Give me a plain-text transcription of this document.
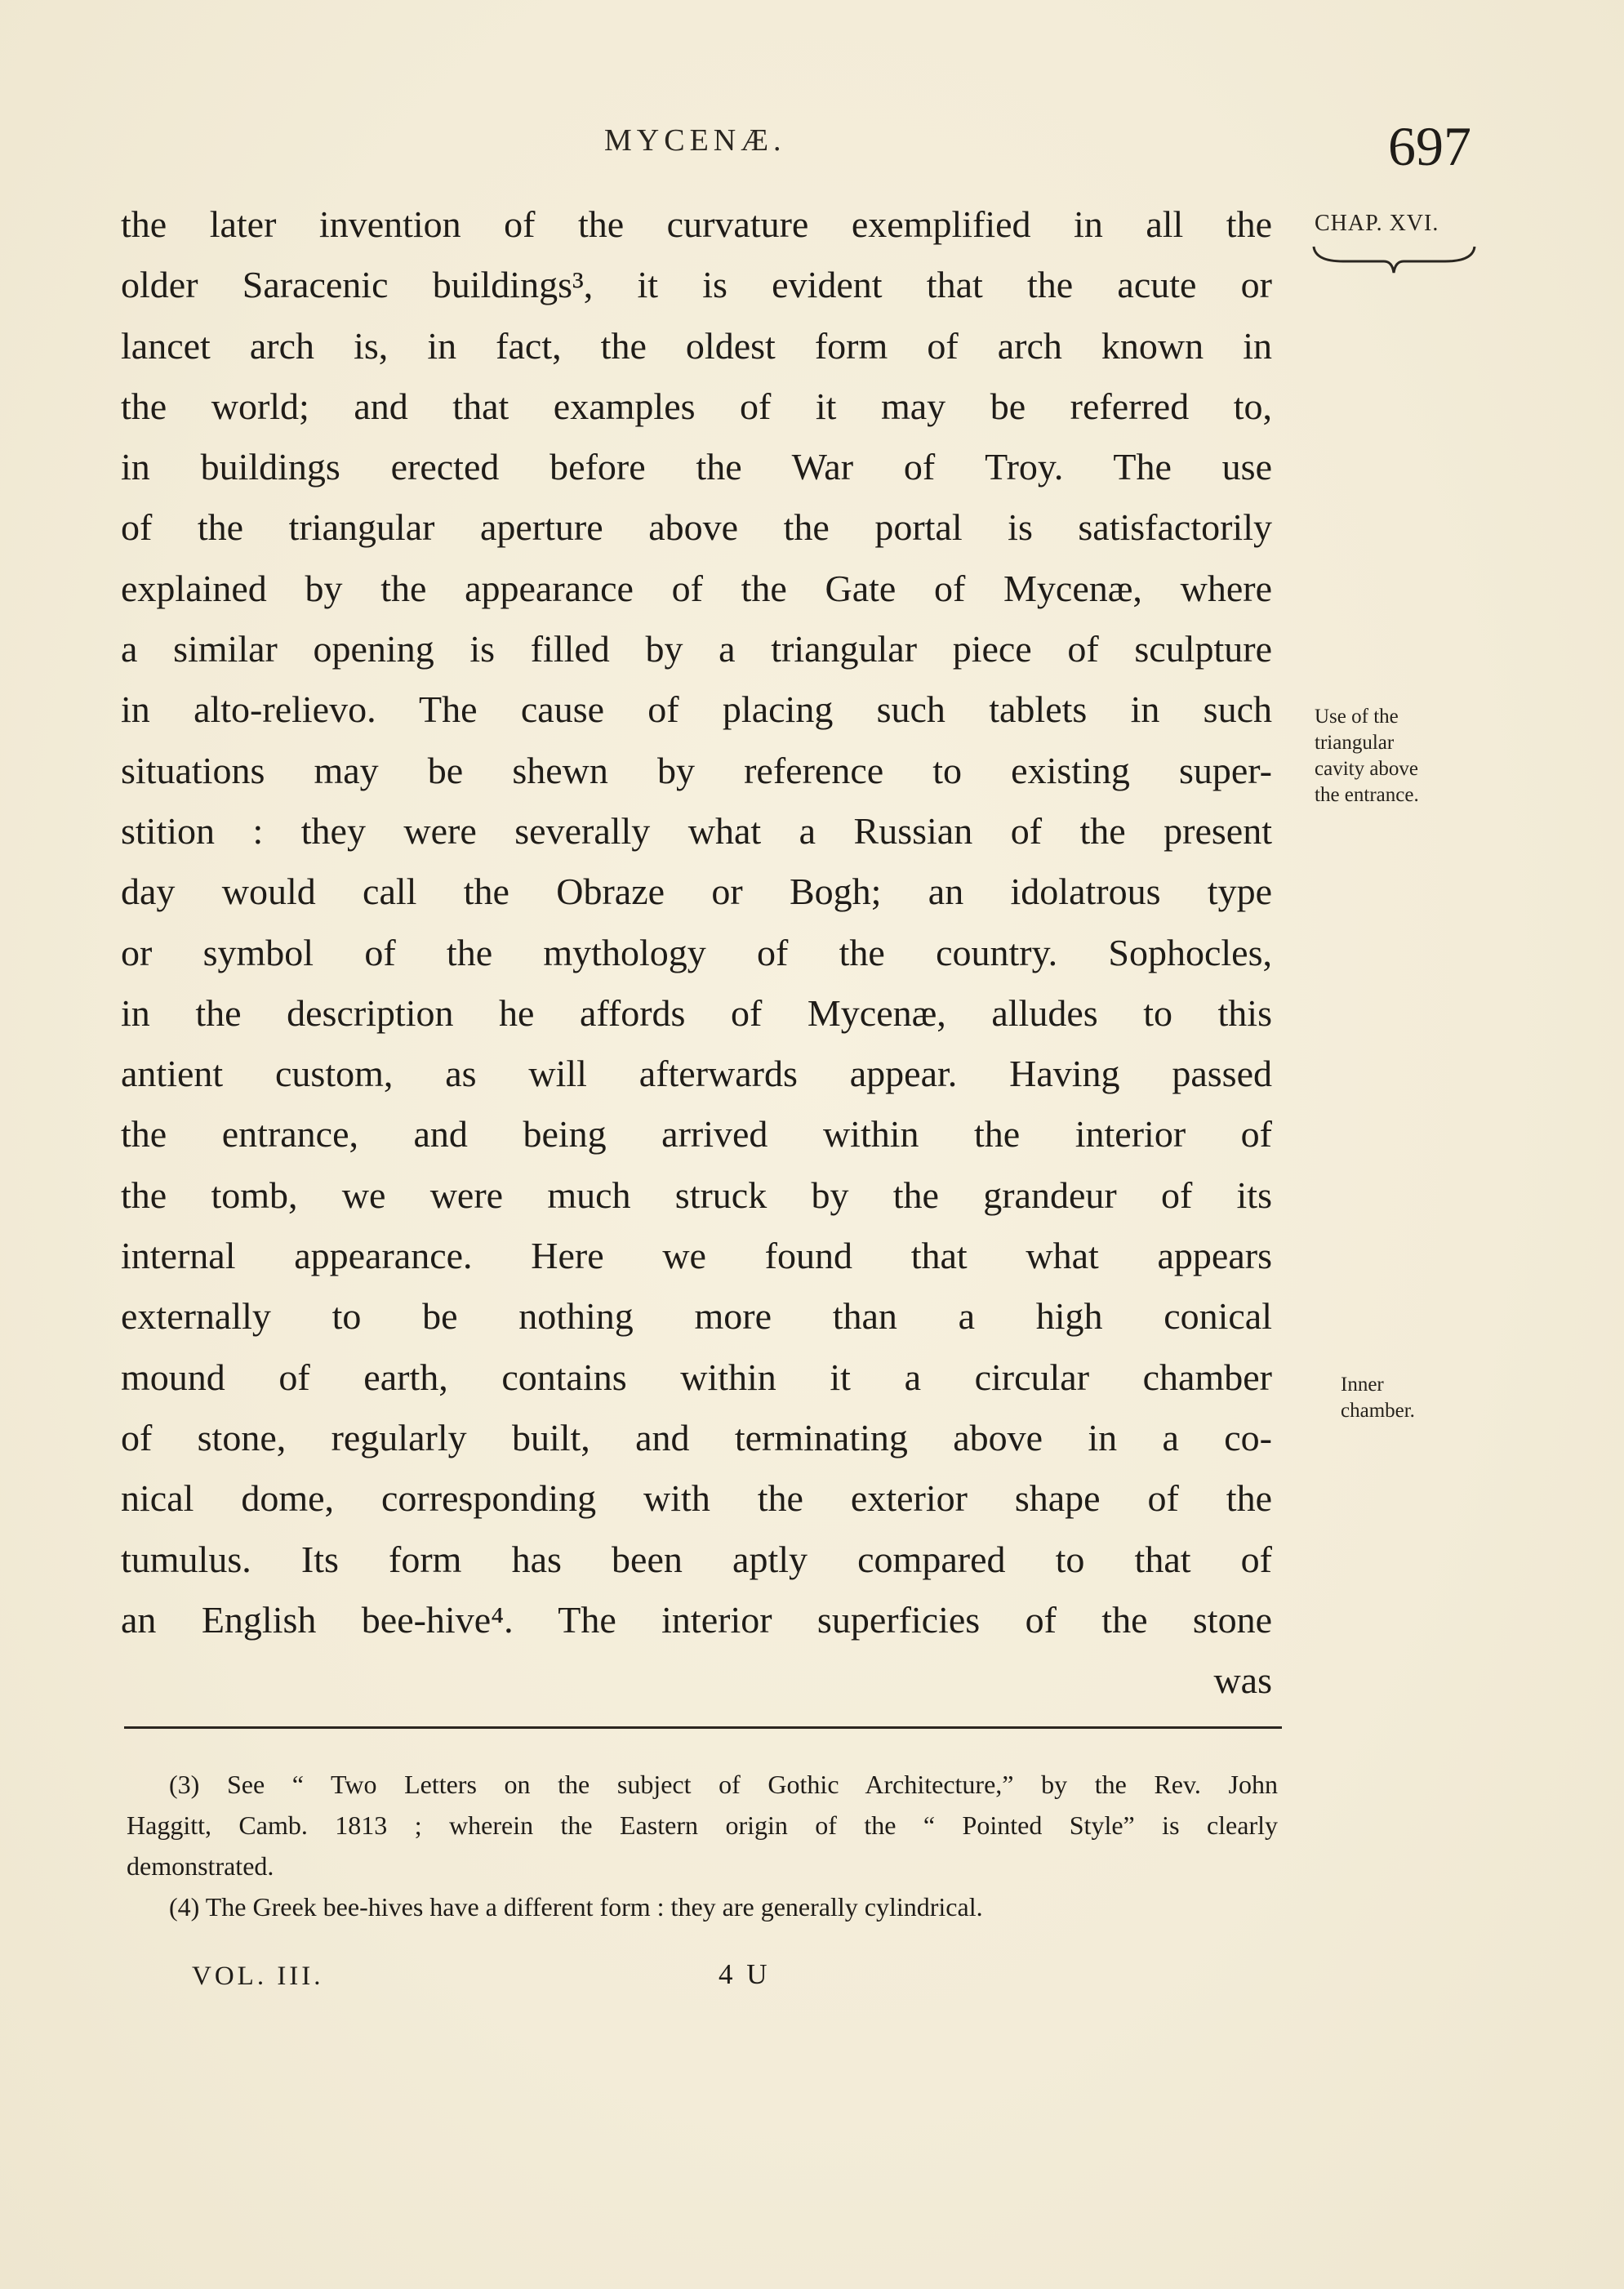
MYCENÆ.	697
the later invention of the curvature exemplified in all the
older Saracenic buildings³, it is evident that the acute or
lancet arch is, in fact, the oldest form of arch known in
the world; and that examples of it may be referred to,
in buildings erected before the War of Troy. The use
of the triangular aperture above the portal is satisfactorily
explained by the appearance of the Gate of Mycenæ, where
a similar opening is filled by a triangular piece of sculpture
in alto-relievo. The cause of placing such tablets in such
situations may be shewn by reference to existing super-
stition : they were severally what a Russian of the present
day would call the Obraze or Bogh; an idolatrous type
or symbol of the mythology of the country. Sophocles,
in the description he affords of Mycenæ, alludes to this
antient custom, as will afterwards appear. Having passed
the entrance, and being arrived within the interior of
the tomb, we were much struck by the grandeur of its
internal appearance. Here we found that what appears
externally to be nothing more than a high conical
mound of earth, contains within it a circular chamber
of stone, regularly built, and terminating above in a co-
nical dome, corresponding with the exterior shape of the
tumulus. Its form has been aptly compared to that of
an English bee-hive⁴. The interior superficies of the stone
was
CHAP. XVI.
Use of the
triangular
cavity above
the entrance.
Inner
chamber.
(3) See “ Two Letters on the subject of Gothic Architecture,” by the Rev. John
Haggitt, Camb. 1813 ; wherein the Eastern origin of the “ Pointed Style” is clearly
demonstrated.
(4) The Greek bee-hives have a different form : they are generally cylindrical.
VOL. III.	4 U
